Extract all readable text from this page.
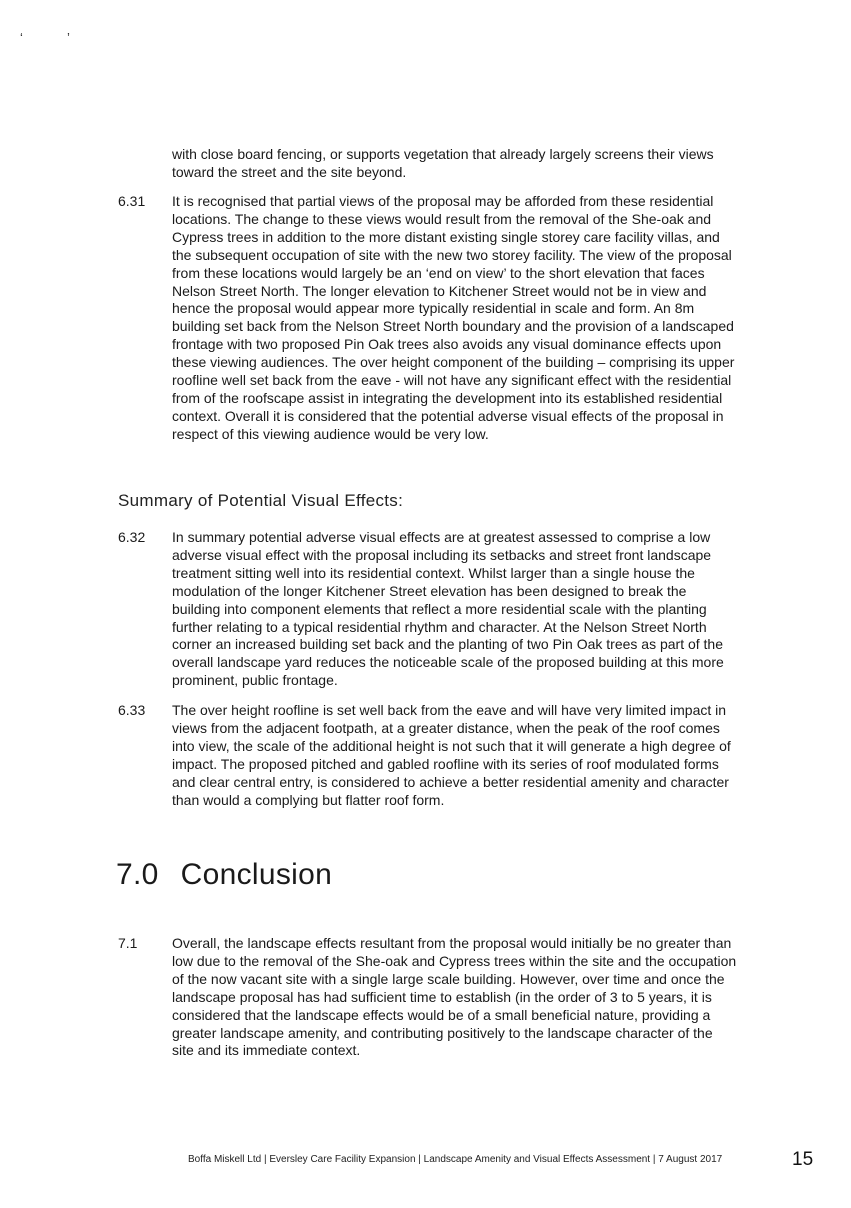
‘	’
with close board fencing, or supports vegetation that already largely screens their views toward the street and the site beyond.
6.31	It is recognised that partial views of the proposal may be afforded from these residential locations. The change to these views would result from the removal of the She-oak and Cypress trees in addition to the more distant existing single storey care facility villas, and the subsequent occupation of site with the new two storey facility. The view of the proposal from these locations would largely be an ‘end on view’ to the short elevation that faces Nelson Street North. The longer elevation to Kitchener Street would not be in view and hence the proposal would appear more typically residential in scale and form. An 8m building set back from the Nelson Street North boundary and the provision of a landscaped frontage with two proposed Pin Oak trees also avoids any visual dominance effects upon these viewing audiences. The over height component of the building – comprising its upper roofline well set back from the eave - will not have any significant effect with the residential from of the roofscape assist in integrating the development into its established residential context. Overall it is considered that the potential adverse visual effects of the proposal in respect of this viewing audience would be very low.
Summary of Potential Visual Effects:
6.32	In summary potential adverse visual effects are at greatest assessed to comprise a low adverse visual effect with the proposal including its setbacks and street front landscape treatment sitting well into its residential context. Whilst larger than a single house the modulation of the longer Kitchener Street elevation has been designed to break the building into component elements that reflect a more residential scale with the planting further relating to a typical residential rhythm and character. At the Nelson Street North corner an increased building set back and the planting of two Pin Oak trees as part of the overall landscape yard reduces the noticeable scale of the proposed building at this more prominent, public frontage.
6.33	The over height roofline is set well back from the eave and will have very limited impact in views from the adjacent footpath, at a greater distance, when the peak of the roof comes into view, the scale of the additional height is not such that it will generate a high degree of impact. The proposed pitched and gabled roofline with its series of roof modulated forms and clear central entry, is considered to achieve a better residential amenity and character than would a complying but flatter roof form.
7.0 Conclusion
7.1	Overall, the landscape effects resultant from the proposal would initially be no greater than low due to the removal of the She-oak and Cypress trees within the site and the occupation of the now vacant site with a single large scale building. However, over time and once the landscape proposal has had sufficient time to establish (in the order of 3 to 5 years, it is considered that the landscape effects would be of a small beneficial nature, providing a greater landscape amenity, and contributing positively to the landscape character of the site and its immediate context.
Boffa Miskell Ltd | Eversley Care Facility Expansion | Landscape Amenity and Visual Effects Assessment | 7 August 2017	15
